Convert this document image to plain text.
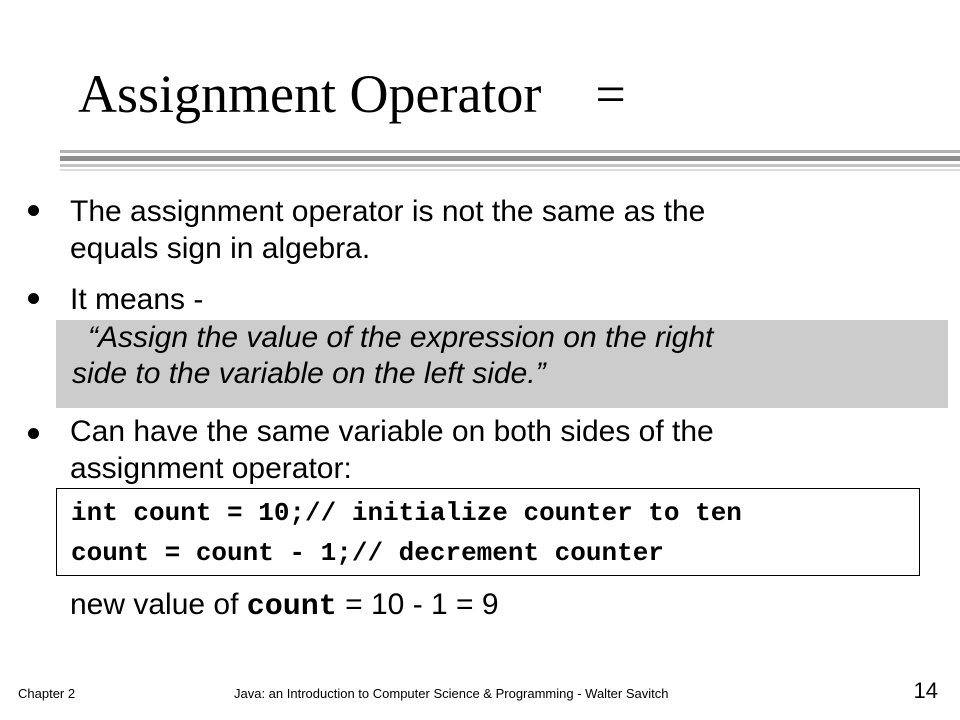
Assignment Operator    =
The assignment operator is not the same as the
equals sign in algebra.
It means -
“Assign the value of the expression on the right
side to the variable on the left side.”
Can have the same variable on both sides of the
assignment operator:
int count = 10;// initialize counter to ten
count = count - 1;// decrement counter
new value of count = 10 - 1 = 9
Chapter 2	Java: an Introduction to Computer Science & Programming - Walter Savitch	14
